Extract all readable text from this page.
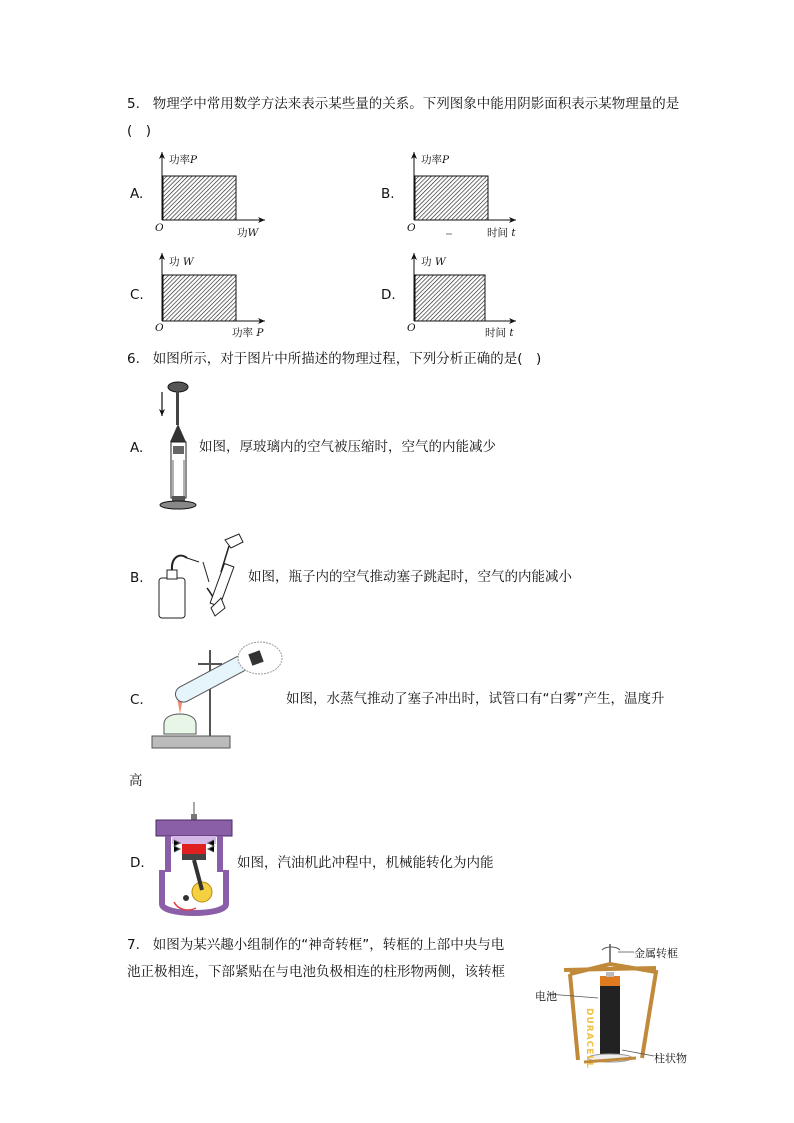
5. 物理学中常用数学方法来表示某些量的关系。下列图象中能用阴影面积表示某物理量的是
(　)
A.
功率P
O	功W
B.
功率P
O	时间 t
C.
功 W
O	功率 P
D.
功 W
O	时间 t
6. 如图所示，对于图片中所描述的物理过程，下列分析正确的是(　)
A.	如图，厚玻璃内的空气被压缩时，空气的内能减少
B.	如图，瓶子内的空气推动塞子跳起时，空气的内能减小
C.	如图，水蒸气推动了塞子冲出时，试管口有“白雾”产生，温度升
高
D.	如图，汽油机此冲程中，机械能转化为内能
7. 如图为某兴趣小组制作的“神奇转框”，转框的上部中央与电
池正极相连，下部紧贴在与电池负极相连的柱形物两侧，该转框
DURACELL
金属转框
电池
柱状物
